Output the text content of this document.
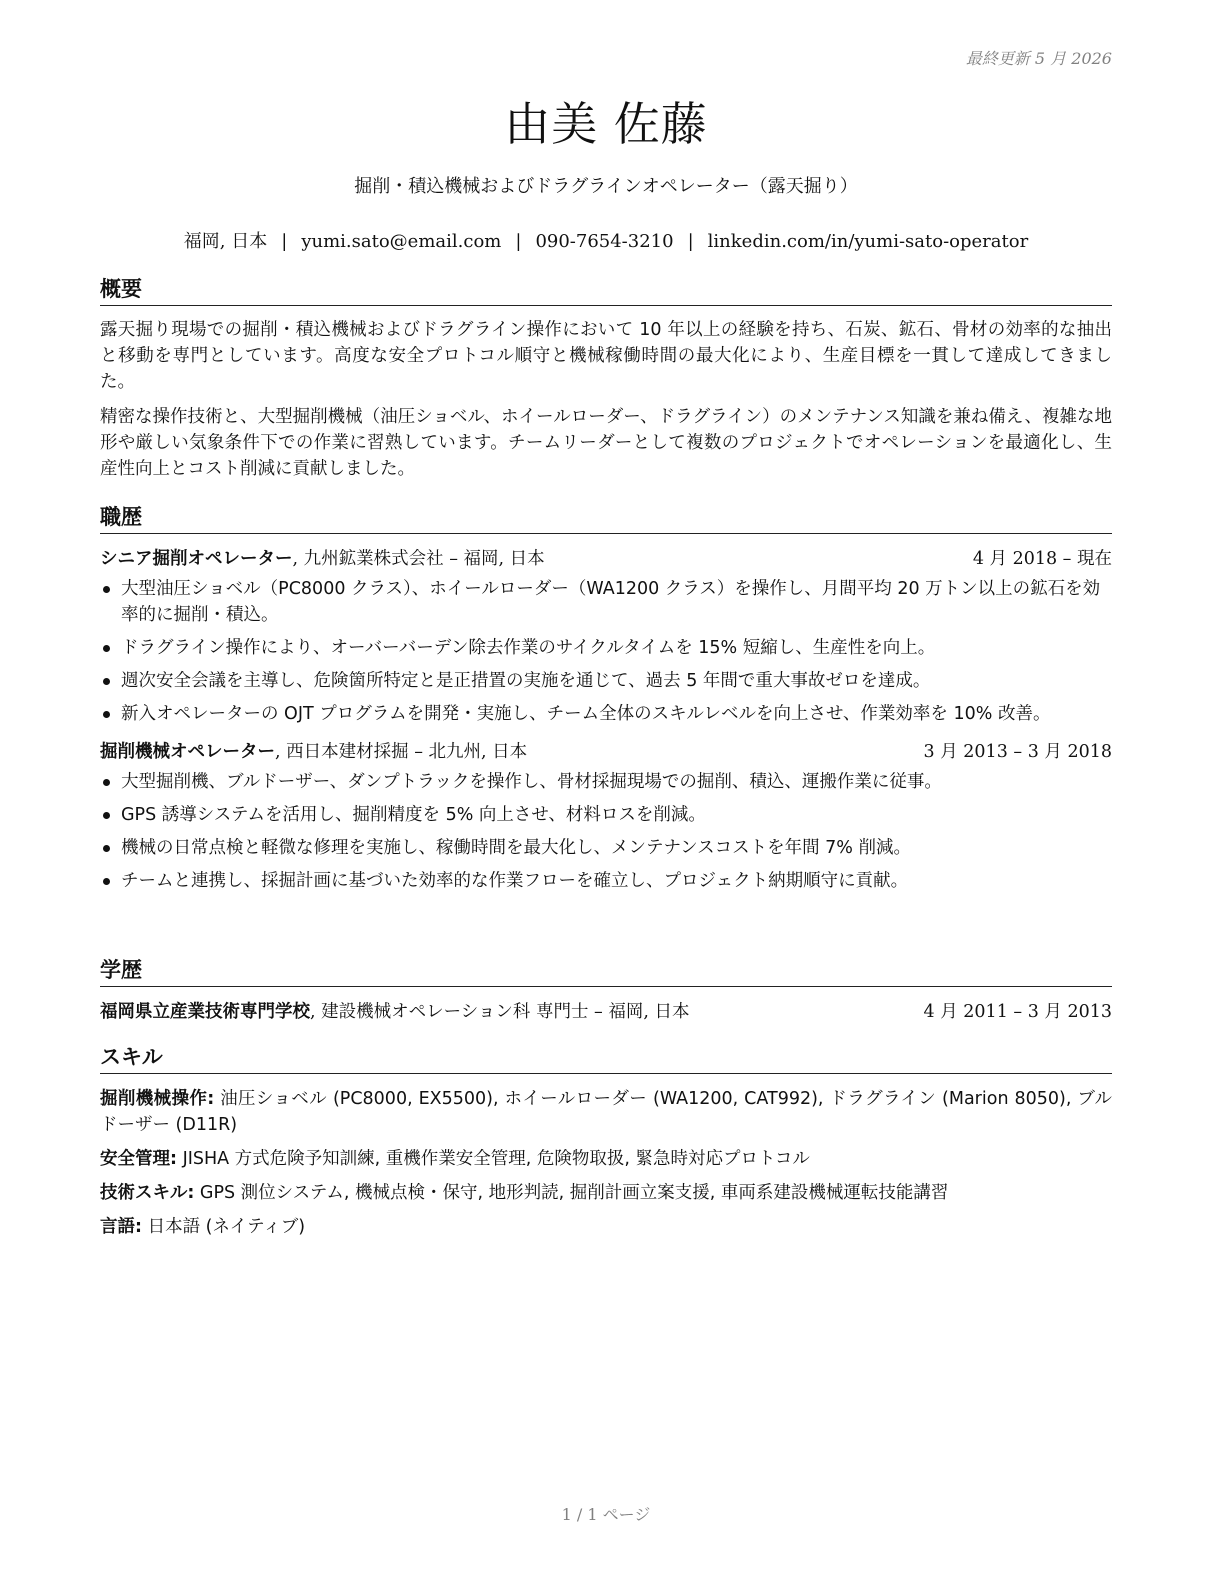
最終更新 5 月 2026
由美 佐藤
掘削・積込機械およびドラグラインオペレーター（露天掘り）
福岡, 日本 | yumi.sato@email.com | 090-7654-3210 | linkedin.com/in/yumi-sato-operator
概要

露天掘り現場での掘削・積込機械およびドラグライン操作において 10 年以上の経験を持ち、石炭、鉱石、骨材の効率的な抽出と移動を専門としています。高度な安全プロトコル順守と機械稼働時間の最大化により、生産目標を一貫して達成してきました。

精密な操作技術と、大型掘削機械（油圧ショベル、ホイールローダー、ドラグライン）のメンテナンス知識を兼ね備え、複雑な地形や厳しい気象条件下での作業に習熟しています。チームリーダーとして複数のプロジェクトでオペレーションを最適化し、生産性向上とコスト削減に貢献しました。

職歴
シニア掘削オペレーター, 九州鉱業株式会社 – 福岡, 日本	4 月 2018 – 現在
大型油圧ショベル（PC8000 クラス）、ホイールローダー（WA1200 クラス）を操作し、月間平均 20 万トン以上の鉱石を効率的に掘削・積込。
ドラグライン操作により、オーバーバーデン除去作業のサイクルタイムを 15% 短縮し、生産性を向上。
週次安全会議を主導し、危険箇所特定と是正措置の実施を通じて、過去 5 年間で重大事故ゼロを達成。
新入オペレーターの OJT プログラムを開発・実施し、チーム全体のスキルレベルを向上させ、作業効率を 10% 改善。
掘削機械オペレーター, 西日本建材採掘 – 北九州, 日本	3 月 2013 – 3 月 2018
大型掘削機、ブルドーザー、ダンプトラックを操作し、骨材採掘現場での掘削、積込、運搬作業に従事。
GPS 誘導システムを活用し、掘削精度を 5% 向上させ、材料ロスを削減。
機械の日常点検と軽微な修理を実施し、稼働時間を最大化し、メンテナンスコストを年間 7% 削減。
チームと連携し、採掘計画に基づいた効率的な作業フローを確立し、プロジェクト納期順守に貢献。
学歴
福岡県立産業技術専門学校, 建設機械オペレーション科 専門士 – 福岡, 日本	4 月 2011 – 3 月 2013
スキル

掘削機械操作: 油圧ショベル (PC8000, EX5500), ホイールローダー (WA1200, CAT992), ドラグライン (Marion 8050), ブルドーザー (D11R)

安全管理: JISHA 方式危険予知訓練, 重機作業安全管理, 危険物取扱, 緊急時対応プロトコル

技術スキル: GPS 測位システム, 機械点検・保守, 地形判読, 掘削計画立案支援, 車両系建設機械運転技能講習

言語: 日本語 (ネイティブ)

1 / 1 ページ
